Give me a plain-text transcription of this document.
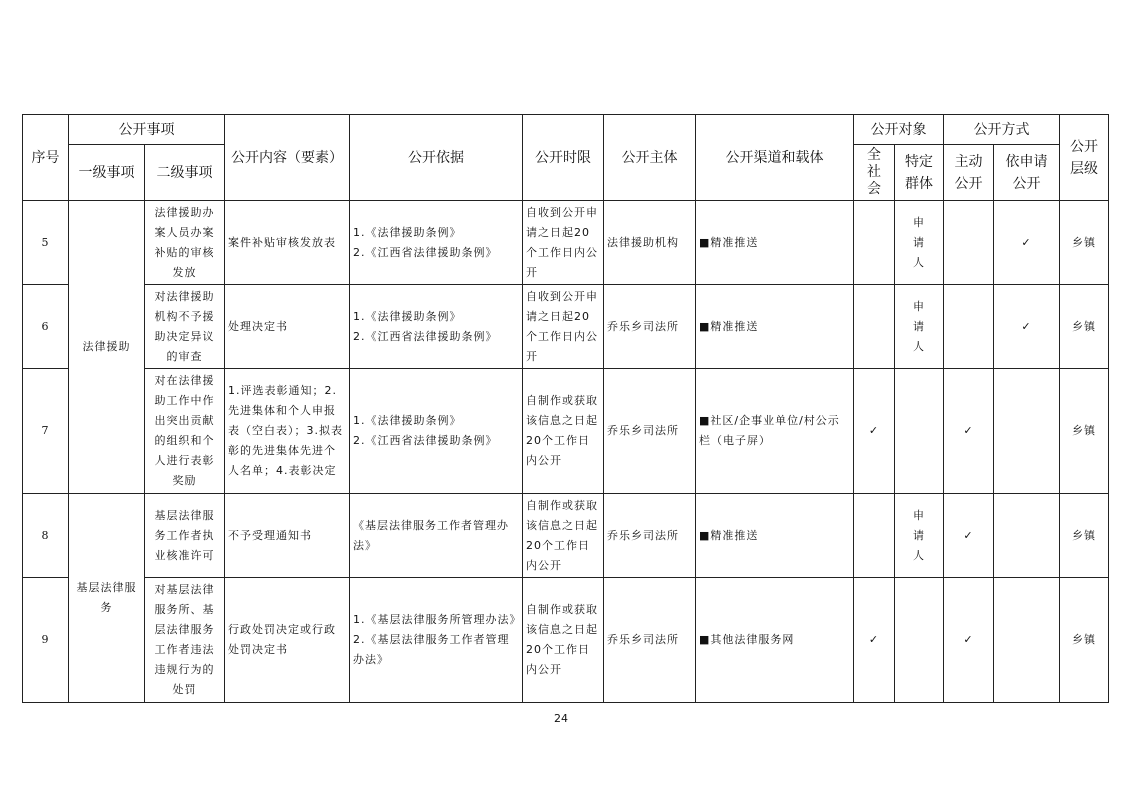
序号	公开事项		公开内容（要素）	公开依据	公开时限	公开主体	公开渠道和载体	公开对象		公开方式		公开层级
	一级事项	二级事项						全社会	特定群体	主动公开	依申请公开	
5	法律援助	法律援助办案人员办案补贴的审核发放	案件补贴审核发放表	1.《法律援助条例》
2.《江西省法律援助条例》	自收到公开申请之日起20个工作日内公开	法律援助机构	■精准推送		申请人		✓	乡镇
6		对法律援助机构不予援助决定异议的审查	处理决定书	1.《法律援助条例》
2.《江西省法律援助条例》	自收到公开申请之日起20个工作日内公开	乔乐乡司法所	■精准推送		申请人		✓	乡镇
7		对在法律援助工作中作出突出贡献的组织和个人进行表彰奖励	1.评选表彰通知；2.先进集体和个人申报表（空白表）；3.拟表彰的先进集体先进个人名单；4.表彰决定	1.《法律援助条例》
2.《江西省法律援助条例》	自制作或获取该信息之日起20个工作日内公开	乔乐乡司法所	■社区/企事业单位/村公示栏（电子屏）	✓		✓		乡镇
8	基层法律服务	基层法律服务工作者执业核准许可	不予受理通知书	《基层法律服务工作者管理办法》	自制作或获取该信息之日起20个工作日内公开	乔乐乡司法所	■精准推送		申请人	✓		乡镇
9		对基层法律服务所、基层法律服务工作者违法违规行为的处罚	行政处罚决定或行政处罚决定书	1.《基层法律服务所管理办法》
2.《基层法律服务工作者管理办法》	自制作或获取该信息之日起20个工作日内公开	乔乐乡司法所	■其他法律服务网	✓		✓		乡镇
24
